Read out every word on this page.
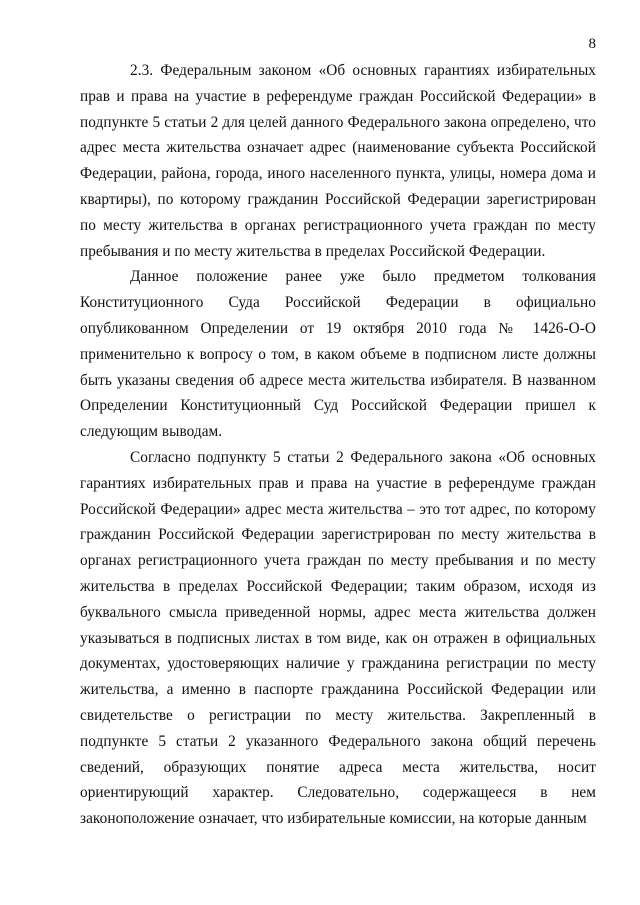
8

2.3. Федеральным законом «Об основных гарантиях избирательных прав и права на участие в референдуме граждан Российской Федерации» в подпункте 5 статьи 2 для целей данного Федерального закона определено, что адрес места жительства означает адрес (наименование субъекта Российской Федерации, района, города, иного населенного пункта, улицы, номера дома и квартиры), по которому гражданин Российской Федерации зарегистрирован по месту жительства в органах регистрационного учета граждан по месту пребывания и по месту жительства в пределах Российской Федерации.

Данное положение ранее уже было предметом толкования Конституционного Суда Российской Федерации в официально опубликованном Определении от 19 октября 2010 года № 1426-О-О применительно к вопросу о том, в каком объеме в подписном листе должны быть указаны сведения об адресе места жительства избирателя. В названном Определении Конституционный Суд Российской Федерации пришел к следующим выводам.

Согласно подпункту 5 статьи 2 Федерального закона «Об основных гарантиях избирательных прав и права на участие в референдуме граждан Российской Федерации» адрес места жительства – это тот адрес, по которому гражданин Российской Федерации зарегистрирован по месту жительства в органах регистрационного учета граждан по месту пребывания и по месту жительства в пределах Российской Федерации; таким образом, исходя из буквального смысла приведенной нормы, адрес места жительства должен указываться в подписных листах в том виде, как он отражен в официальных документах, удостоверяющих наличие у гражданина регистрации по месту жительства, а именно в паспорте гражданина Российской Федерации или свидетельстве о регистрации по месту жительства. Закрепленный в подпункте 5 статьи 2 указанного Федерального закона общий перечень сведений, образующих понятие адреса места жительства, носит ориентирующий характер. Следовательно, содержащееся в нем законоположение означает, что избирательные комиссии, на которые данным
